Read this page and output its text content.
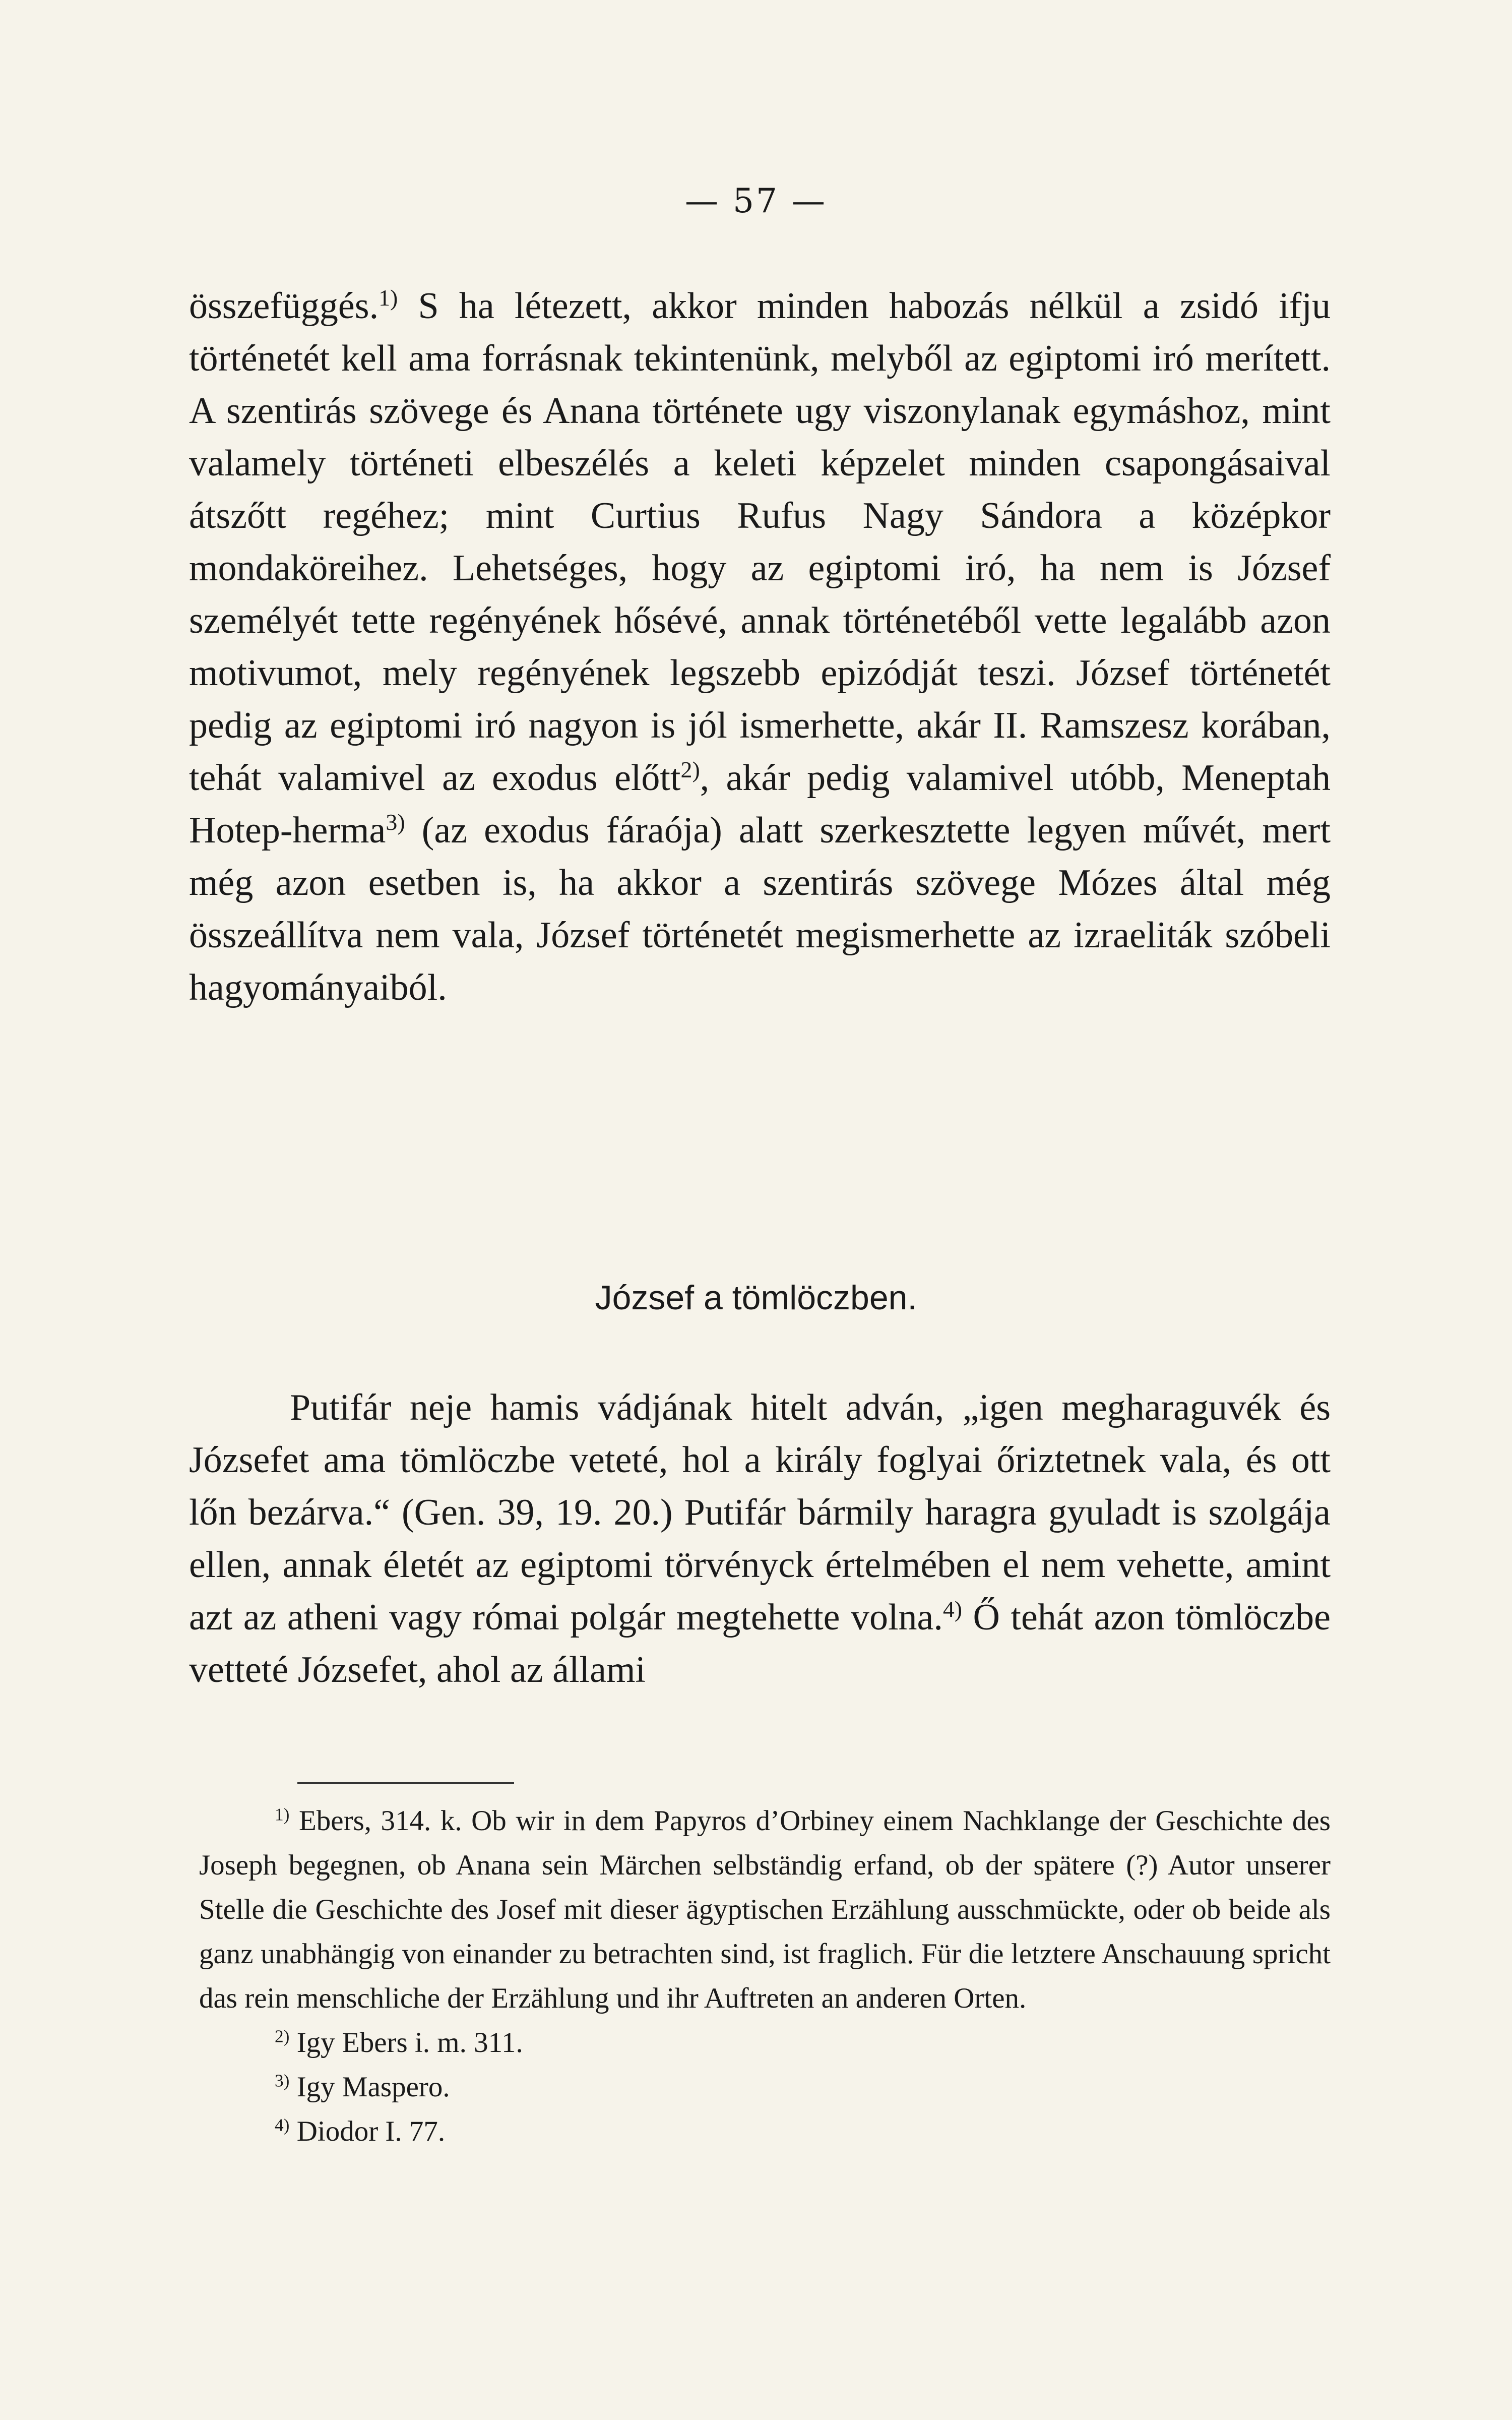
— 57 —
összefüggés.$^{1)}$ S ha létezett, akkor minden habozás nélkül a zsidó ifju történetét kell ama forrásnak tekintenünk, melyből az egiptomi iró merített. A szentirás szövege és Anana története ugy viszonylanak egymáshoz, mint valamely történeti elbeszélés a keleti képzelet minden csapongásaival átszőtt regéhez; mint Curtius Rufus Nagy Sándora a középkor mondaköreihez. Lehetséges, hogy az egiptomi iró, ha nem is József személyét tette regényének hősévé, annak történetéből vette legalább azon motivumot, mely regényének legszebb epizódját teszi. József történetét pedig az egiptomi iró nagyon is jól ismerhette, akár II. Ramszesz korában, tehát valamivel az exodus előtt$^{2)}$, akár pedig valamivel utóbb, Meneptah Hotep-herma$^{3)}$ (az exodus fáraója) alatt szerkesztette legyen művét, mert még azon esetben is, ha akkor a szentirás szövege Mózes által még összeállítva nem vala, József történetét megismerhette az izraeliták szóbeli hagyományaiból.
József a tömlöczben.
Putifár neje hamis vádjának hitelt adván, „igen megharaguvék és Józsefet ama tömlöczbe veteté, hol a király foglyai őriztetnek vala, és ott lőn bezárva.“ (Gen. 39, 19. 20.) Putifár bármily haragra gyuladt is szolgája ellen, annak életét az egiptomi törvényck értelmében el nem vehette, amint azt az atheni vagy római polgár megtehette volna.$^{4)}$ Ő tehát azon tömlöczbe vetteté Józsefet, ahol az állami

$^{1)}$ Ebers, 314. k. Ob wir in dem Papyros d’Orbiney einem Nachklange der Geschichte des Joseph begegnen, ob Anana sein Märchen selbständig erfand, ob der spätere (?) Autor unserer Stelle die Geschichte des Josef mit dieser ägyptischen Erzählung ausschmückte, oder ob beide als ganz unabhängig von einander zu betrachten sind, ist fraglich. Für die letztere Anschauung spricht das rein menschliche der Erzählung und ihr Auftreten an anderen Orten.

$^{2)}$ Igy Ebers i. m. 311.

$^{3)}$ Igy Maspero.

$^{4)}$ Diodor I. 77.
